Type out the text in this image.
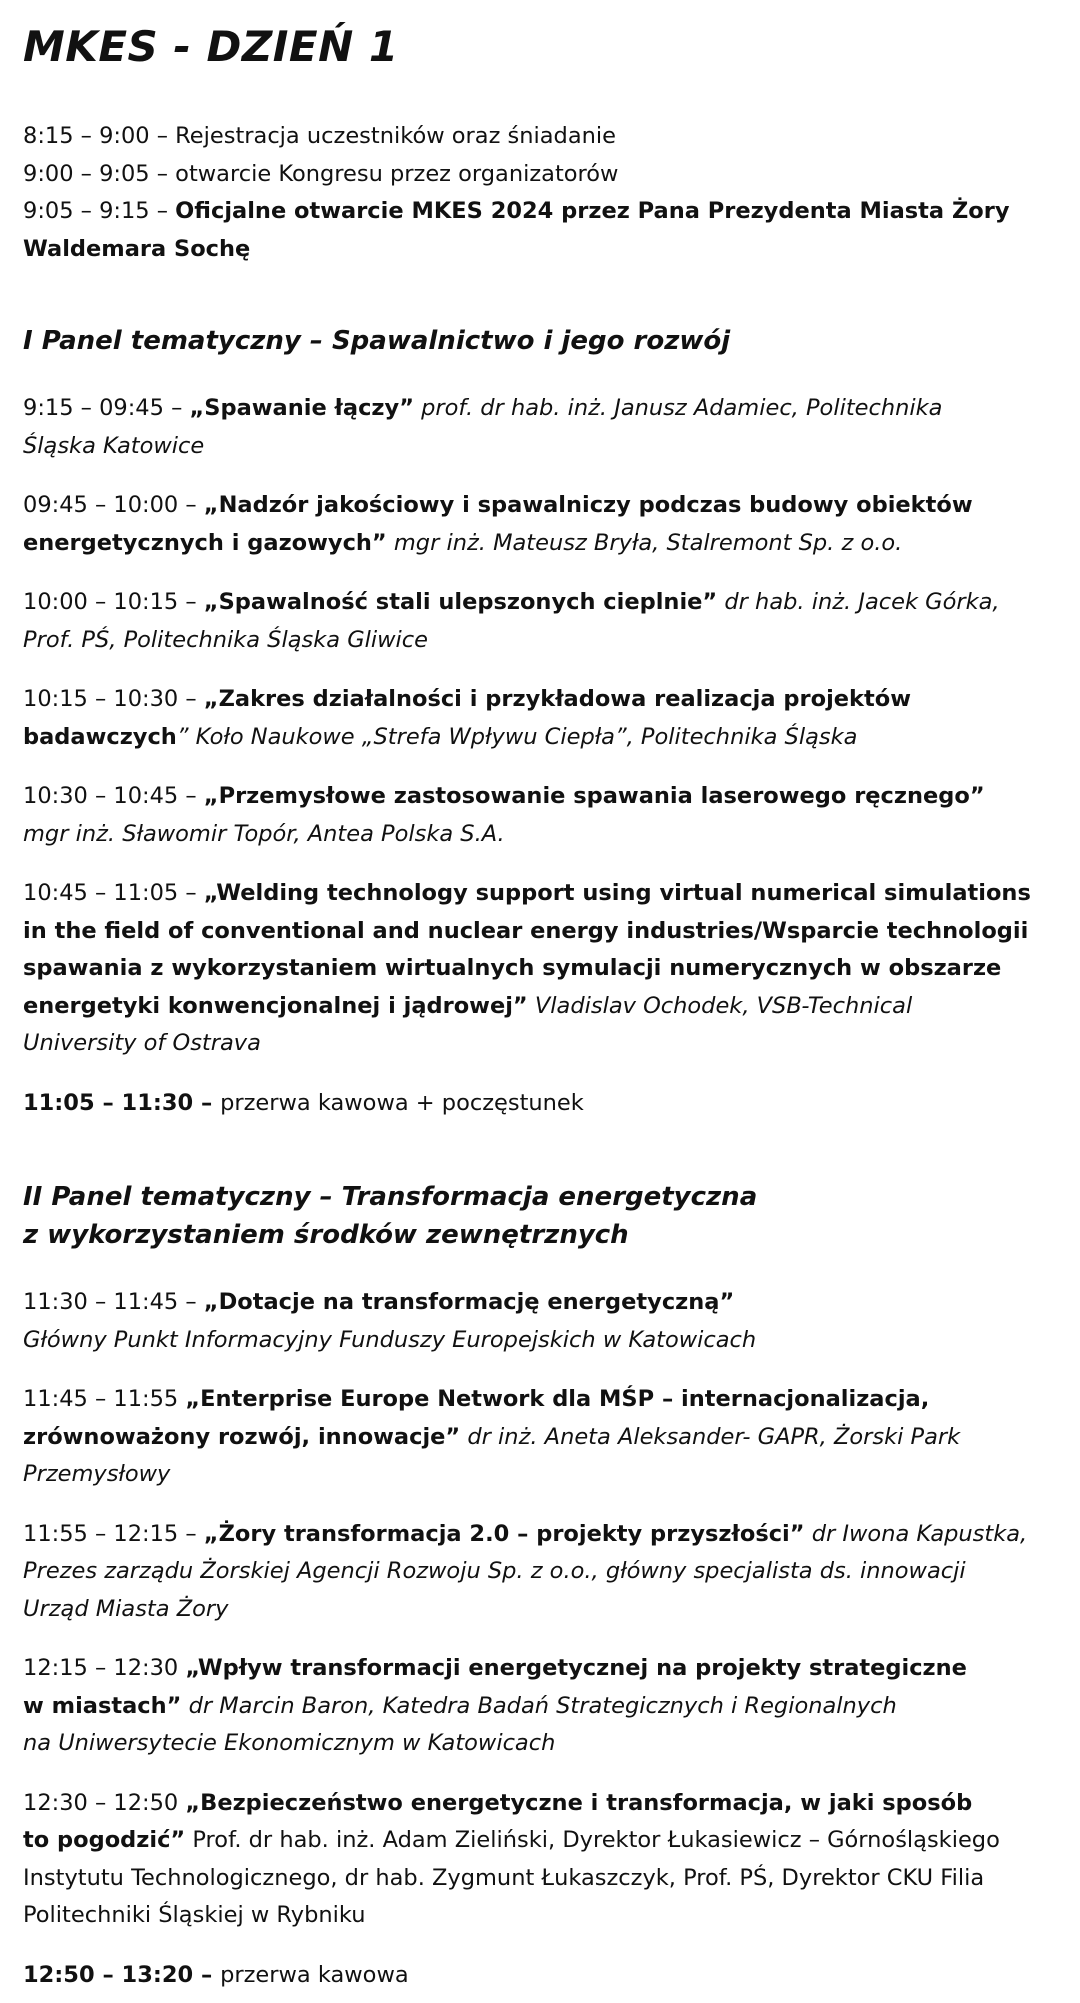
MKES - DZIEŃ 1
8:15 – 9:00 – Rejestracja uczestników oraz śniadanie
9:00 – 9:05 – otwarcie Kongresu przez organizatorów
9:05 – 9:15 – Oficjalne otwarcie MKES 2024 przez Pana Prezydenta Miasta Żory
Waldemara Sochę
I Panel tematyczny – Spawalnictwo i jego rozwój
9:15 – 09:45 – „Spawanie łączy” prof. dr hab. inż. Janusz Adamiec, Politechnika
Śląska Katowice
09:45 – 10:00 – „Nadzór jakościowy i spawalniczy podczas budowy obiektów
energetycznych i gazowych” mgr inż. Mateusz Bryła, Stalremont Sp. z o.o.
10:00 – 10:15 – „Spawalność stali ulepszonych cieplnie” dr hab. inż. Jacek Górka,
Prof. PŚ, Politechnika Śląska Gliwice
10:15 – 10:30 – „Zakres działalności i przykładowa realizacja projektów
badawczych” Koło Naukowe „Strefa Wpływu Ciepła”, Politechnika Śląska
10:30 – 10:45 – „Przemysłowe zastosowanie spawania laserowego ręcznego”
mgr inż. Sławomir Topór, Antea Polska S.A.
10:45 – 11:05 – „Welding technology support using virtual numerical simulations
in the field of conventional and nuclear energy industries/Wsparcie technologii
spawania z wykorzystaniem wirtualnych symulacji numerycznych w obszarze
energetyki konwencjonalnej i jądrowej” Vladislav Ochodek, VSB-Technical
University of Ostrava
11:05 – 11:30 – przerwa kawowa + poczęstunek
II Panel tematyczny – Transformacja energetyczna
z wykorzystaniem środków zewnętrznych
11:30 – 11:45 – „Dotacje na transformację energetyczną”
Główny Punkt Informacyjny Funduszy Europejskich w Katowicach
11:45 – 11:55 „Enterprise Europe Network dla MŚP – internacjonalizacja,
zrównoważony rozwój, innowacje” dr inż. Aneta Aleksander- GAPR, Żorski Park
Przemysłowy
11:55 – 12:15 – „Żory transformacja 2.0 – projekty przyszłości” dr Iwona Kapustka,
Prezes zarządu Żorskiej Agencji Rozwoju Sp. z o.o., główny specjalista ds. innowacji
Urząd Miasta Żory
12:15 – 12:30 „Wpływ transformacji energetycznej na projekty strategiczne
w miastach” dr Marcin Baron, Katedra Badań Strategicznych i Regionalnych
na Uniwersytecie Ekonomicznym w Katowicach
12:30 – 12:50 „Bezpieczeństwo energetyczne i transformacja, w jaki sposób
to pogodzić” Prof. dr hab. inż. Adam Zieliński, Dyrektor Łukasiewicz – Górnośląskiego
Instytutu Technologicznego, dr hab. Zygmunt Łukaszczyk, Prof. PŚ, Dyrektor CKU Filia
Politechniki Śląskiej w Rybniku
12:50 – 13:20 – przerwa kawowa
